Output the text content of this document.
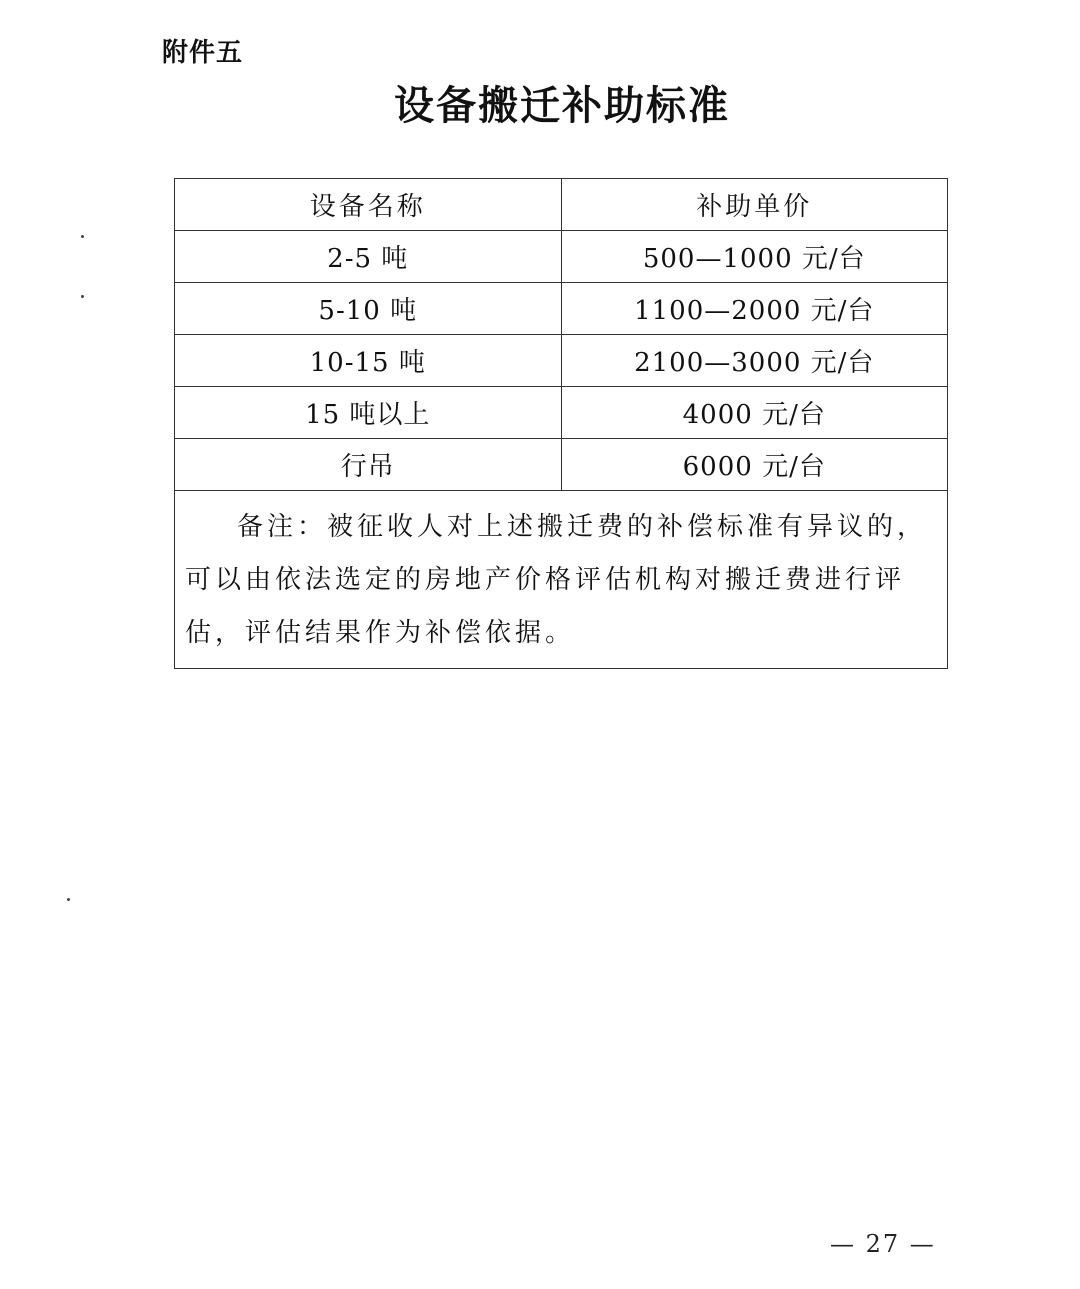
附件五
设备搬迁补助标准
设备名称	补助单价
2-5 吨	500—1000 元/台
5-10 吨	1100—2000 元/台
10-15 吨	2100—3000 元/台
15 吨以上	4000 元/台
行吊	6000 元/台
备注：被征收人对上述搬迁费的补偿标准有异议的，可以由依法选定的房地产价格评估机构对搬迁费进行评估，评估结果作为补偿依据。	
— 27 —
